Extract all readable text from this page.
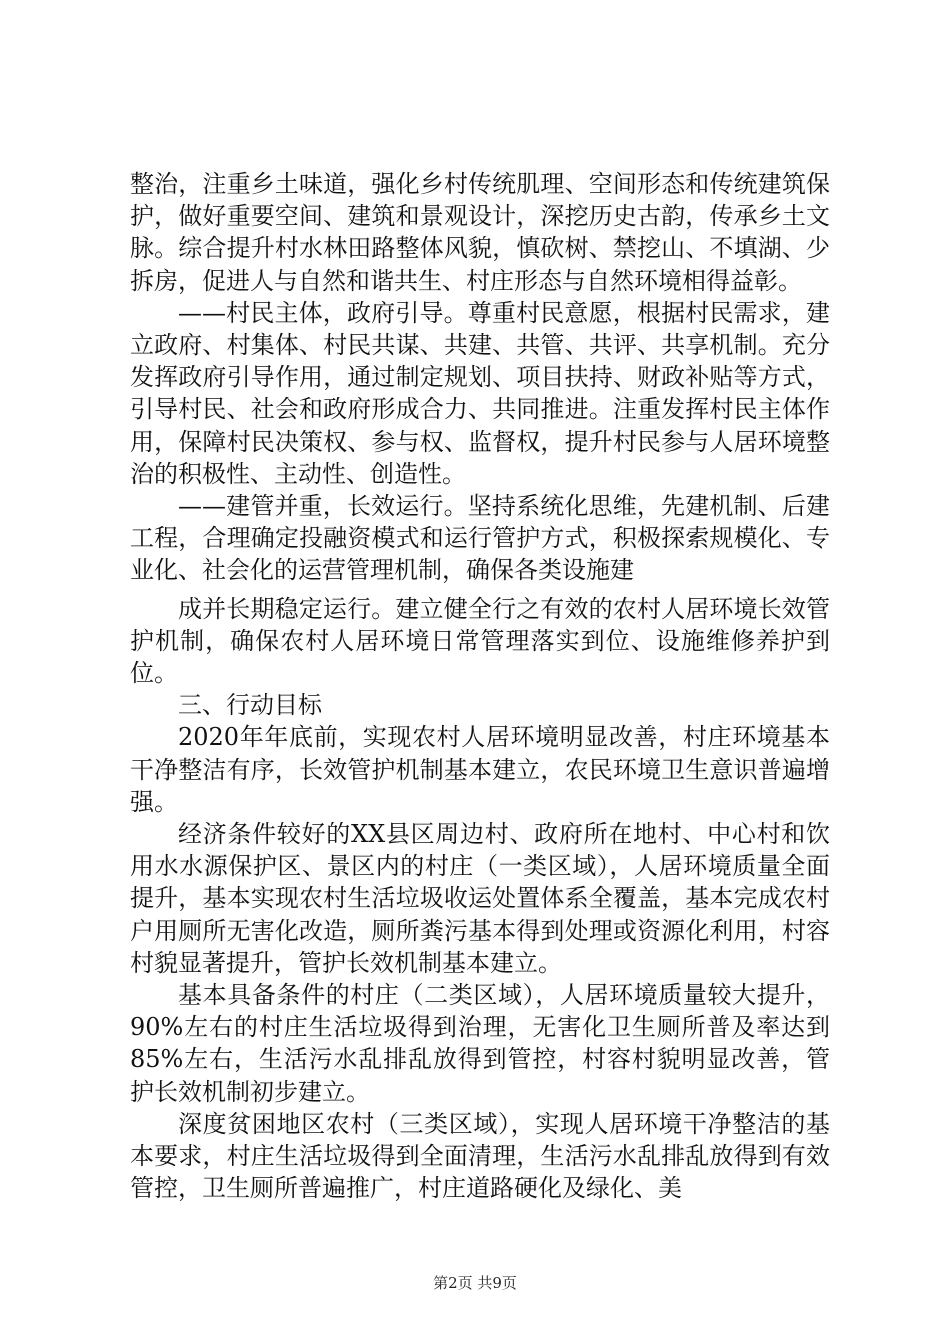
整治，注重乡土味道，强化乡村传统肌理、空间形态和传统建筑保护，做好重要空间、建筑和景观设计，深挖历史古韵，传承乡土文脉。综合提升村水林田路整体风貌，慎砍树、禁挖山、不填湖、少拆房，促进人与自然和谐共生、村庄形态与自然环境相得益彰。

——村民主体，政府引导。尊重村民意愿，根据村民需求，建立政府、村集体、村民共谋、共建、共管、共评、共享机制。充分发挥政府引导作用，通过制定规划、项目扶持、财政补贴等方式，引导村民、社会和政府形成合力、共同推进。注重发挥村民主体作用，保障村民决策权、参与权、监督权，提升村民参与人居环境整治的积极性、主动性、创造性。

——建管并重，长效运行。坚持系统化思维，先建机制、后建工程，合理确定投融资模式和运行管护方式，积极探索规模化、专业化、社会化的运营管理机制，确保各类设施建

成并长期稳定运行。建立健全行之有效的农村人居环境长效管护机制，确保农村人居环境日常管理落实到位、设施维修养护到位。

三、行动目标

2020年年底前，实现农村人居环境明显改善，村庄环境基本干净整洁有序，长效管护机制基本建立，农民环境卫生意识普遍增强。

经济条件较好的XX县区周边村、政府所在地村、中心村和饮用水水源保护区、景区内的村庄（一类区域），人居环境质量全面提升，基本实现农村生活垃圾收运处置体系全覆盖，基本完成农村户用厕所无害化改造，厕所粪污基本得到处理或资源化利用，村容村貌显著提升，管护长效机制基本建立。

基本具备条件的村庄（二类区域），人居环境质量较大提升，90%左右的村庄生活垃圾得到治理，无害化卫生厕所普及率达到85%左右，生活污水乱排乱放得到管控，村容村貌明显改善，管护长效机制初步建立。

深度贫困地区农村（三类区域），实现人居环境干净整洁的基本要求，村庄生活垃圾得到全面清理，生活污水乱排乱放得到有效管控，卫生厕所普遍推广，村庄道路硬化及绿化、美

第2页 共9页
